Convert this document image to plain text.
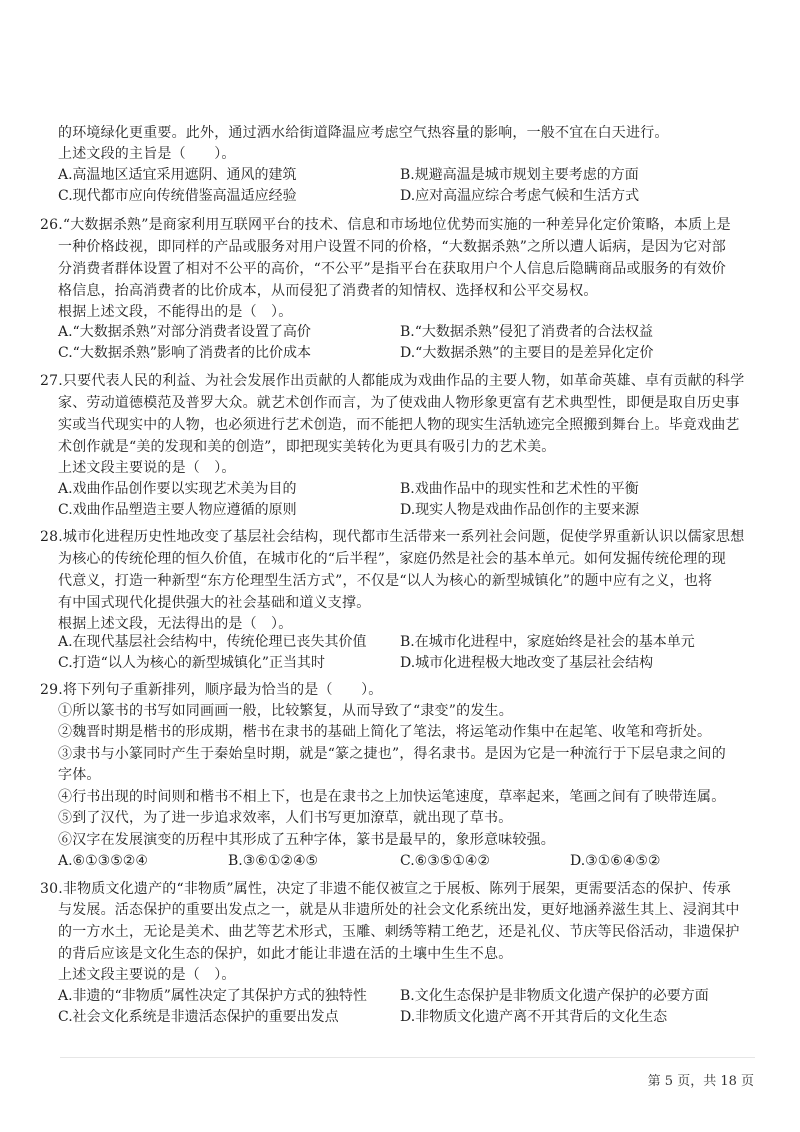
的环境绿化更重要。此外，通过洒水给街道降温应考虑空气热容量的影响，一般不宜在白天进行。
上述文段的主旨是（　　）。
A.高温地区适宜采用遮阴、通风的建筑	B.规避高温是城市规划主要考虑的方面
C.现代都市应向传统借鉴高温适应经验	D.应对高温应综合考虑气候和生活方式
26.“大数据杀熟”是商家利用互联网平台的技术、信息和市场地位优势而实施的一种差异化定价策略，本质上是
一种价格歧视，即同样的产品或服务对用户设置不同的价格，“大数据杀熟”之所以遭人诟病，是因为它对部
分消费者群体设置了相对不公平的高价，“不公平”是指平台在获取用户个人信息后隐瞒商品或服务的有效价
格信息，抬高消费者的比价成本，从而侵犯了消费者的知情权、选择权和公平交易权。
根据上述文段，不能得出的是（　）。
A.“大数据杀熟”对部分消费者设置了高价	B.“大数据杀熟”侵犯了消费者的合法权益
C.“大数据杀熟”影响了消费者的比价成本	D.“大数据杀熟”的主要目的是差异化定价
27.只要代表人民的利益、为社会发展作出贡献的人都能成为戏曲作品的主要人物，如革命英雄、卓有贡献的科学
家、劳动道德模范及普罗大众。就艺术创作而言，为了使戏曲人物形象更富有艺术典型性，即便是取自历史事
实或当代现实中的人物，也必须进行艺术创造，而不能把人物的现实生活轨迹完全照搬到舞台上。毕竟戏曲艺
术创作就是“美的发现和美的创造”，即把现实美转化为更具有吸引力的艺术美。
上述文段主要说的是（　）。
A.戏曲作品创作要以实现艺术美为目的	B.戏曲作品中的现实性和艺术性的平衡
C.戏曲作品塑造主要人物应遵循的原则	D.现实人物是戏曲作品创作的主要来源
28.城市化进程历史性地改变了基层社会结构，现代都市生活带来一系列社会问题，促使学界重新认识以儒家思想
为核心的传统伦理的恒久价值，在城市化的“后半程”，家庭仍然是社会的基本单元。如何发掘传统伦理的现
代意义，打造一种新型“东方伦理型生活方式”，不仅是“以人为核心的新型城镇化”的题中应有之义，也将
有中国式现代化提供强大的社会基础和道义支撑。
根据上述文段，无法得出的是（　）。
A.在现代基层社会结构中，传统伦理已丧失其价值 B.在城市化进程中，家庭始终是社会的基本单元
C.打造“以人为核心的新型城镇化”正当其时	D.城市化进程极大地改变了基层社会结构
29.将下列句子重新排列，顺序最为恰当的是（　　）。
①所以篆书的书写如同画画一般，比较繁复，从而导致了“隶变”的发生。
②魏晋时期是楷书的形成期，楷书在隶书的基础上简化了笔法，将运笔动作集中在起笔、收笔和弯折处。
③隶书与小篆同时产生于秦始皇时期，就是“篆之捷也”，得名隶书。是因为它是一种流行于下层皂隶之间的
字体。
④行书出现的时间则和楷书不相上下，也是在隶书之上加快运笔速度，草率起来，笔画之间有了映带连属。
⑤到了汉代，为了进一步追求效率，人们书写更加潦草，就出现了草书。
⑥汉字在发展演变的历程中其形成了五种字体，篆书是最早的，象形意味较强。
A.⑥①③⑤②④	B.③⑥①②④⑤	C.⑥③⑤①④②	D.③①⑥④⑤②
30.非物质文化遗产的“非物质”属性，决定了非遗不能仅被宣之于展板、陈列于展架，更需要活态的保护、传承
与发展。活态保护的重要出发点之一，就是从非遗所处的社会文化系统出发，更好地涵养滋生其上、浸润其中
的一方水土，无论是美术、曲艺等艺术形式，玉雕、刺绣等精工绝艺，还是礼仪、节庆等民俗活动，非遗保护
的背后应该是文化生态的保护，如此才能让非遗在活的土壤中生生不息。
上述文段主要说的是（　）。
A.非遗的“非物质”属性决定了其保护方式的独特性 B.文化生态保护是非物质文化遗产保护的必要方面
C.社会文化系统是非遗活态保护的重要出发点	D.非物质文化遗产离不开其背后的文化生态
第 5 页，共 18 页
